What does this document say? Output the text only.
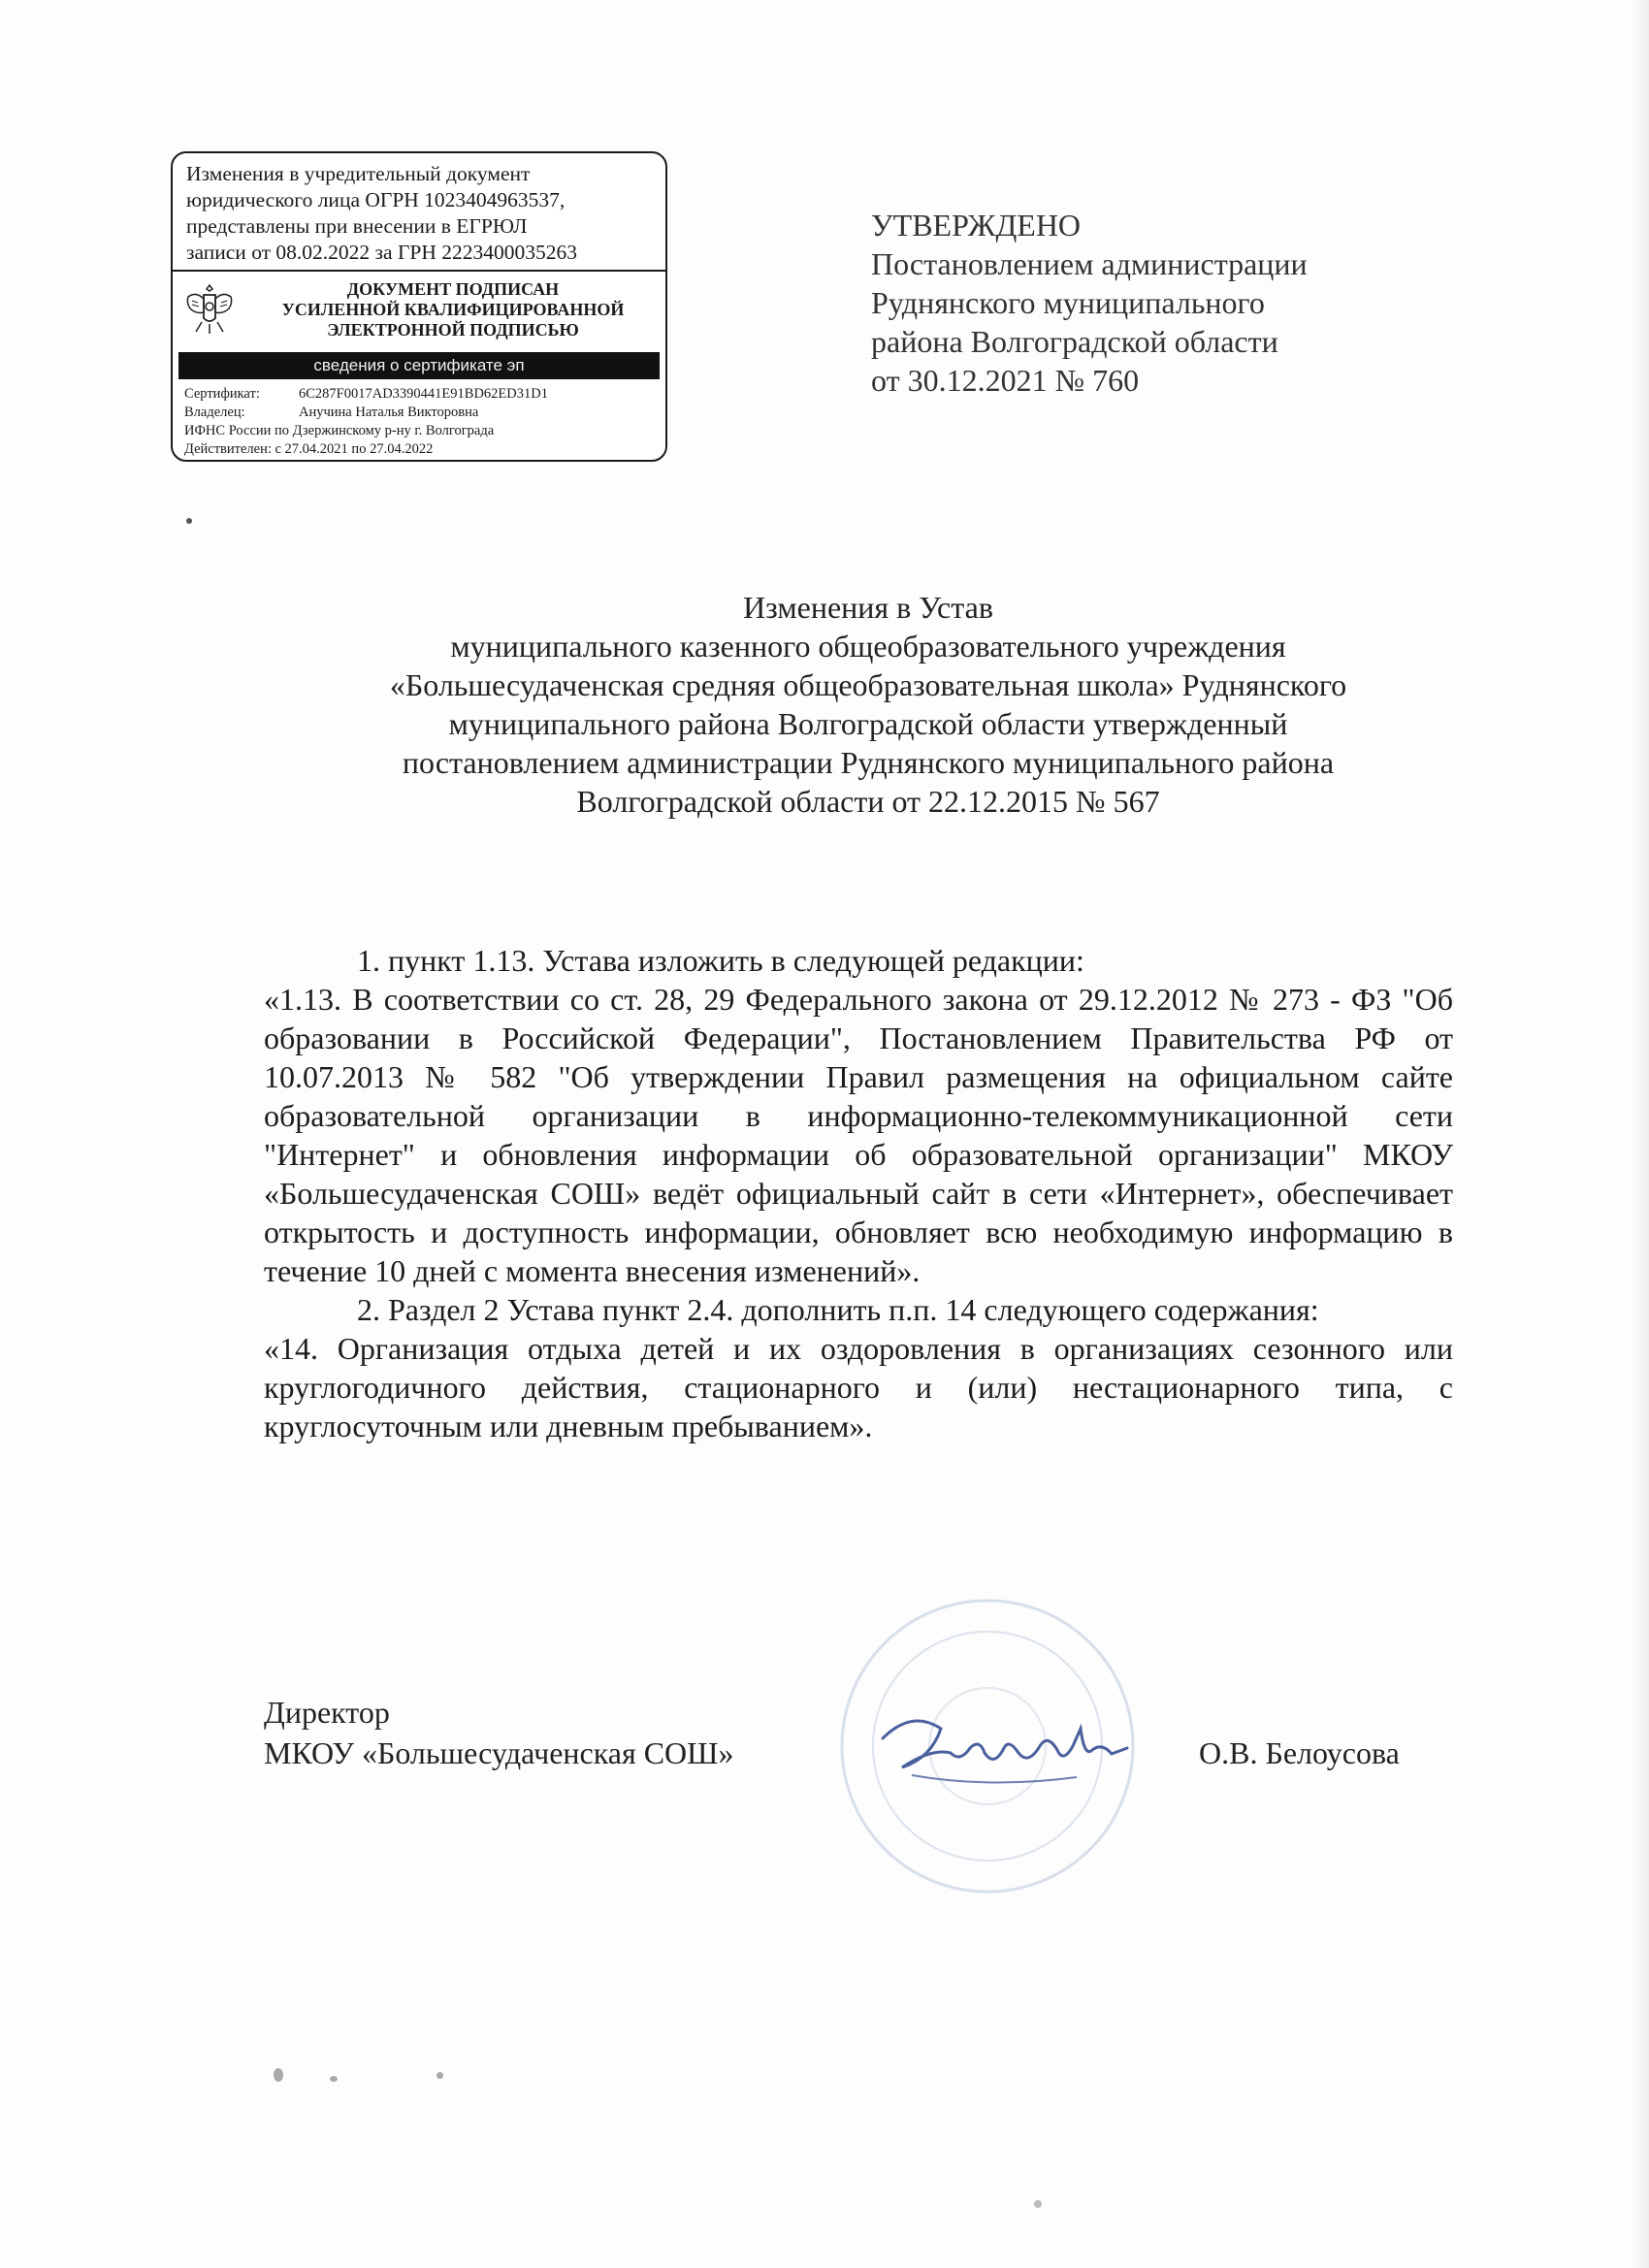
Изменения в учредительный документ
юридического лица ОГРН 1023404963537,
представлены при внесении в ЕГРЮЛ
записи от 08.02.2022 за ГРН 2223400035263
ДОКУМЕНТ ПОДПИСАН
УСИЛЕННОЙ КВАЛИФИЦИРОВАННОЙ
ЭЛЕКТРОННОЙ ПОДПИСЬЮ
сведения о сертификате эп
Сертификат:	6C287F0017AD3390441E91BD62ED31D1
Владелец:	Анучина Наталья Викторовна
ИФНС России по Дзержинскому р-ну г. Волгограда
Действителен: с 27.04.2021 по 27.04.2022
УТВЕРЖДЕНО
Постановлением администрации
Руднянского муниципального
района Волгоградской области
от 30.12.2021 № 760
Изменения в Устав
муниципального казенного общеобразовательного учреждения
«Большесудаченская средняя общеобразовательная школа» Руднянского
муниципального района Волгоградской области утвержденный
постановлением администрации Руднянского муниципального района
Волгоградской области от 22.12.2015 № 567

1. пункт 1.13. Устава изложить в следующей редакции:

«1.13. В соответствии со ст. 28, 29 Федерального закона от 29.12.2012 № 273 - ФЗ "Об образовании в Российской Федерации", Постановлением Правительства РФ от 10.07.2013 № 582 "Об утверждении Правил размещения на официальном сайте образовательной организации в информационно-телекоммуникационной сети "Интернет" и обновления информации об образовательной организации" МКОУ «Большесудаченская СОШ» ведёт официальный сайт в сети «Интернет», обеспечивает открытость и доступность информации, обновляет всю необходимую информацию в течение 10 дней с момента внесения изменений».

2. Раздел 2 Устава пункт 2.4. дополнить п.п. 14 следующего содержания:

«14. Организация отдыха детей и их оздоровления в организациях сезонного или круглогодичного действия, стационарного и (или) нестационарного типа, с круглосуточным или дневным пребыванием».

Директор
МКОУ «Большесудаченская СОШ»	О.В. Белоусова
